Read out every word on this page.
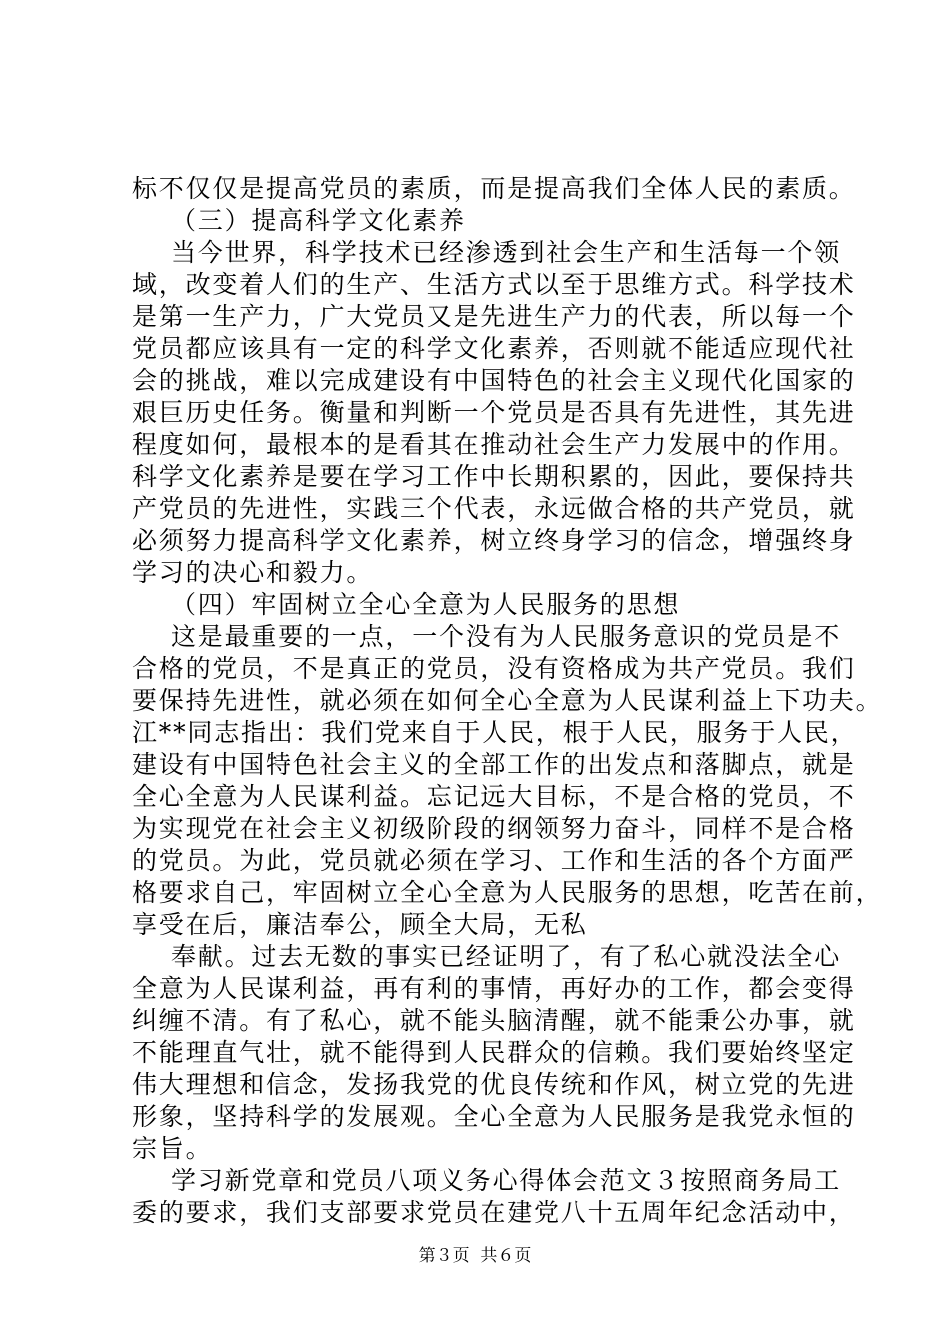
标不仅仅是提高党员的素质，而是提高我们全体人民的素质。
（三）提高科学文化素养
当今世界，科学技术已经渗透到社会生产和生活每一个领
域，改变着人们的生产、生活方式以至于思维方式。科学技术
是第一生产力，广大党员又是先进生产力的代表，所以每一个
党员都应该具有一定的科学文化素养，否则就不能适应现代社
会的挑战，难以完成建设有中国特色的社会主义现代化国家的
艰巨历史任务。衡量和判断一个党员是否具有先进性，其先进
程度如何，最根本的是看其在推动社会生产力发展中的作用。
科学文化素养是要在学习工作中长期积累的，因此，要保持共
产党员的先进性，实践三个代表，永远做合格的共产党员，就
必须努力提高科学文化素养，树立终身学习的信念，增强终身
学习的决心和毅力。
（四）牢固树立全心全意为人民服务的思想
这是最重要的一点，一个没有为人民服务意识的党员是不
合格的党员，不是真正的党员，没有资格成为共产党员。我们
要保持先进性，就必须在如何全心全意为人民谋利益上下功夫。
江**同志指出：我们党来自于人民，根于人民，服务于人民，
建设有中国特色社会主义的全部工作的出发点和落脚点，就是
全心全意为人民谋利益。忘记远大目标，不是合格的党员，不
为实现党在社会主义初级阶段的纲领努力奋斗，同样不是合格
的党员。为此，党员就必须在学习、工作和生活的各个方面严
格要求自己，牢固树立全心全意为人民服务的思想，吃苦在前，
享受在后，廉洁奉公，顾全大局，无私
奉献。过去无数的事实已经证明了，有了私心就没法全心
全意为人民谋利益，再有利的事情，再好办的工作，都会变得
纠缠不清。有了私心，就不能头脑清醒，就不能秉公办事，就
不能理直气壮，就不能得到人民群众的信赖。我们要始终坚定
伟大理想和信念，发扬我党的优良传统和作风，树立党的先进
形象，坚持科学的发展观。全心全意为人民服务是我党永恒的
宗旨。
学习新党章和党员八项义务心得体会范文３按照商务局工
委的要求，我们支部要求党员在建党八十五周年纪念活动中，
第３页  共６页
